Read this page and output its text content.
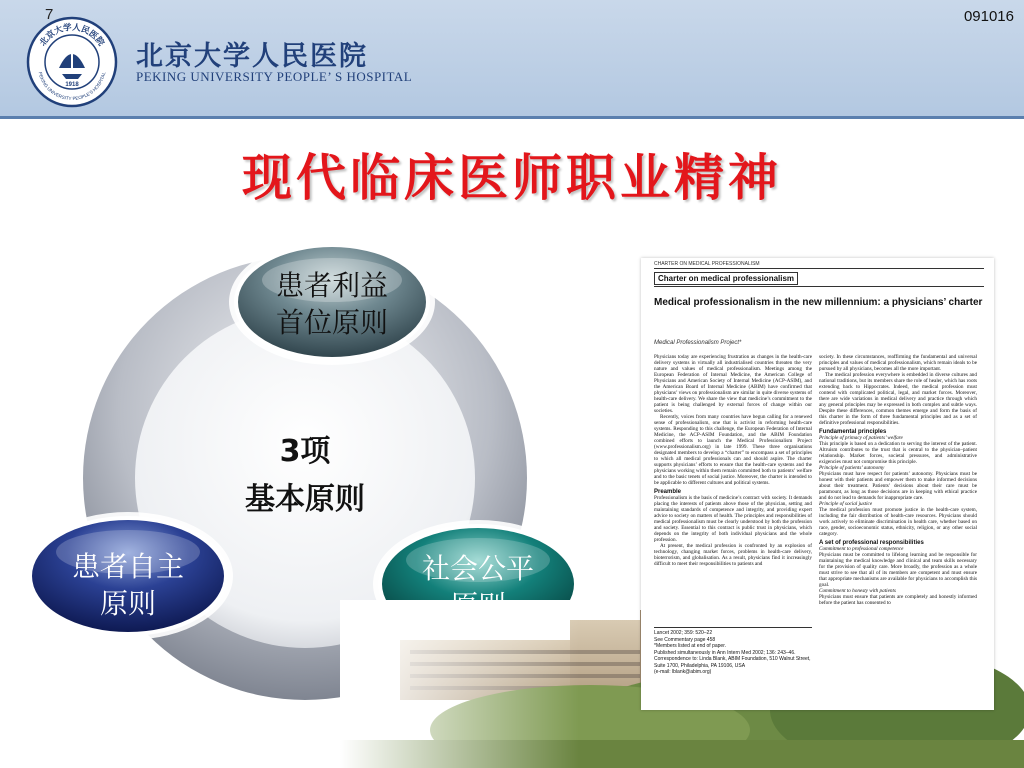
7	091016
北京大学人民医院
PEKING UNIVERSITY PEOPLE’S HOSPITAL
1918
北京大学人民医院
PEKING UNIVERSITY PEOPLE’ S HOSPITAL
现代临床医师职业精神
3项
基本原则
患者利益
首位原则
患者自主
原则
社会公平
CHARTER ON MEDICAL PROFESSIONALISM
Charter on medical professionalism
Medical professionalism in the new millennium: a physicians’ charter
Medical Professionalism Project*
Physicians today are experiencing frustration as changes in the health-care delivery systems in virtually all industrialised countries threaten the very nature and values of medical professionalism. Meetings among the European Federation of Internal Medicine, the American College of Physicians and American Society of Internal Medicine (ACP-ASIM), and the American Board of Internal Medicine (ABIM) have confirmed that physicians’ views on professionalism are similar in quite diverse systems of health-care delivery. We share the view that medicine’s commitment to the patient is being challenged by external forces of change within our societies.
Recently, voices from many countries have begun calling for a renewed sense of professionalism, one that is activist in reforming health-care systems. Responding to this challenge, the European Federation of Internal Medicine, the ACP-ASIM Foundation, and the ABIM Foundation combined efforts to launch the Medical Professionalism Project (www.professionalism.org) in late 1999. These three organisations designated members to develop a “charter” to encompass a set of principles to which all medical professionals can and should aspire. The charter supports physicians’ efforts to ensure that the health-care systems and the physicians working within them remain committed both to patients’ welfare and to the basic tenets of social justice. Moreover, the charter is intended to be applicable to different cultures and political systems.
Preamble
Professionalism is the basis of medicine’s contract with society. It demands placing the interests of patients above those of the physician, setting and maintaining standards of competence and integrity, and providing expert advice to society on matters of health. The principles and responsibilities of medical professionalism must be clearly understood by both the profession and society. Essential to this contract is public trust in physicians, which depends on the integrity of both individual physicians and the whole profession.
At present, the medical profession is confronted by an explosion of technology, changing market forces, problems in health-care delivery, bioterrorism, and globalisation. As a result, physicians find it increasingly difficult to meet their responsibilities to patients and
Lancet 2002; 359: 520–22
See Commentary page 458
*Members listed at end of paper.
Published simultaneously in Ann Intern Med 2002; 136: 243–46.
Correspondence to: Linda Blank, ABIM Foundation, 510 Walnut Street, Suite 1700, Philadelphia, PA 19106, USA
(e-mail: lblank@abim.org)
society. In these circumstances, reaffirming the fundamental and universal principles and values of medical professionalism, which remain ideals to be pursued by all physicians, becomes all the more important.
The medical profession everywhere is embedded in diverse cultures and national traditions, but its members share the role of healer, which has roots extending back to Hippocrates. Indeed, the medical profession must contend with complicated political, legal, and market forces. Moreover, there are wide variations in medical delivery and practice through which any general principles may be expressed in both complex and subtle ways. Despite these differences, common themes emerge and form the basis of this charter in the form of three fundamental principles and as a set of definitive professional responsibilities.
Fundamental principles
Principle of primacy of patients’ welfare
This principle is based on a dedication to serving the interest of the patient. Altruism contributes to the trust that is central to the physician–patient relationship. Market forces, societal pressures, and administrative exigencies must not compromise this principle.
Principle of patients’ autonomy
Physicians must have respect for patients’ autonomy. Physicians must be honest with their patients and empower them to make informed decisions about their treatment. Patients’ decisions about their care must be paramount, as long as those decisions are in keeping with ethical practice and do not lead to demands for inappropriate care.
Principle of social justice
The medical profession must promote justice in the health-care system, including the fair distribution of health-care resources. Physicians should work actively to eliminate discrimination in health care, whether based on race, gender, socioeconomic status, ethnicity, religion, or any other social category.
A set of professional responsibilities
Commitment to professional competence
Physicians must be committed to lifelong learning and be responsible for maintaining the medical knowledge and clinical and team skills necessary for the provision of quality care. More broadly, the profession as a whole must strive to see that all of its members are competent and must ensure that appropriate mechanisms are available for physicians to accomplish this goal.
Commitment to honesty with patients
Physicians must ensure that patients are completely and honestly informed before the patient has consented to
